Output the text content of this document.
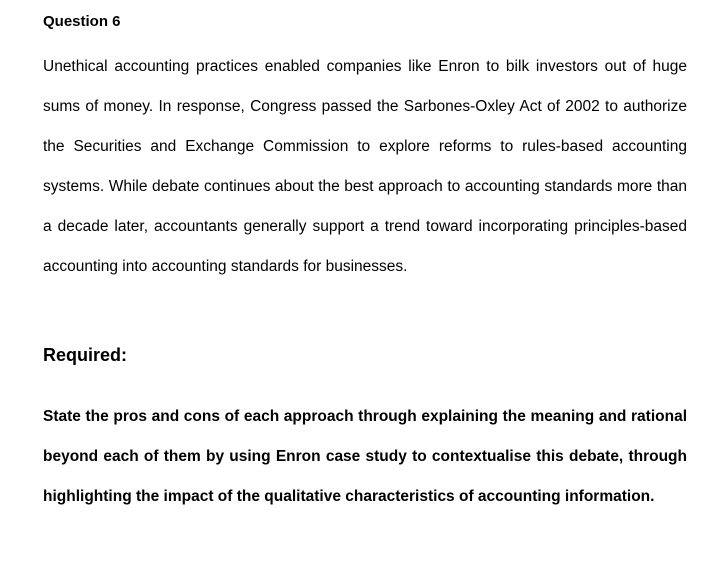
Question 6

Unethical accounting practices enabled companies like Enron to bilk investors out of huge sums of money. In response, Congress passed the Sarbones-Oxley Act of 2002 to authorize the Securities and Exchange Commission to explore reforms to rules-based accounting systems. While debate continues about the best approach to accounting standards more than a decade later, accountants generally support a trend toward incorporating principles-based accounting into accounting standards for businesses.

Required:

State the pros and cons of each approach through explaining the meaning and rational beyond each of them by using Enron case study to contextualise this debate, through highlighting the impact of the qualitative characteristics of accounting information.
